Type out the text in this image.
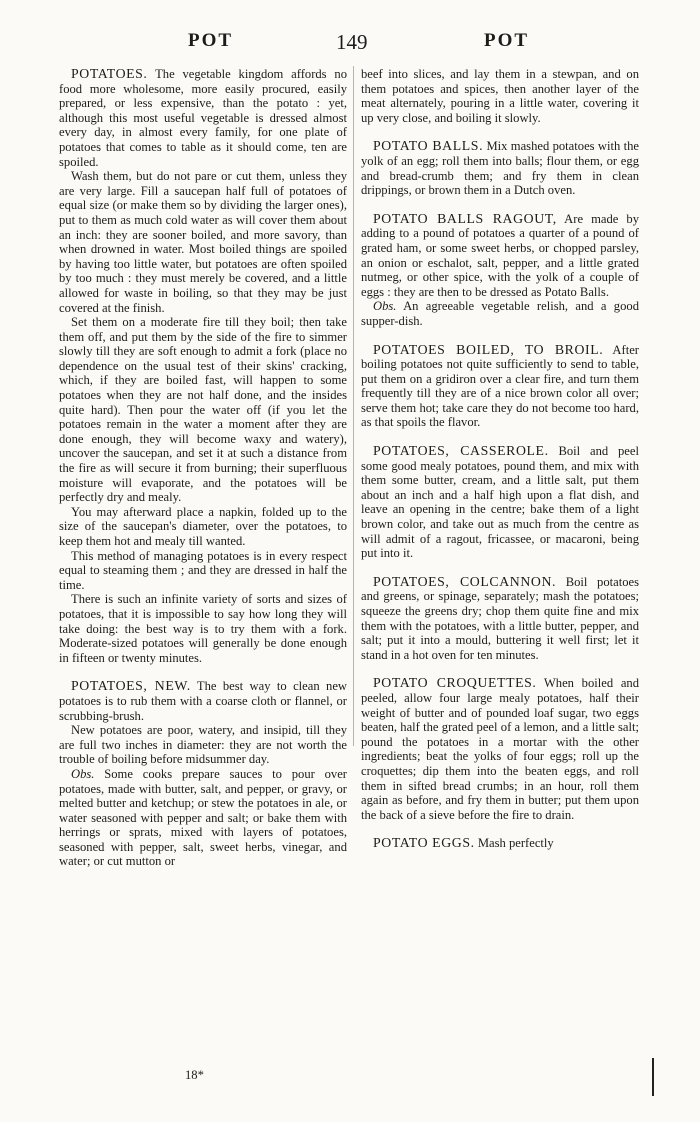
POT	149	POT

POTATOES. The vegetable kingdom affords no food more wholesome, more easily procured, easily prepared, or less expensive, than the potato : yet, although this most useful vegetable is dressed almost every day, in almost every family, for one plate of potatoes that comes to table as it should come, ten are spoiled.

Wash them, but do not pare or cut them, unless they are very large. Fill a saucepan half full of potatoes of equal size (or make them so by dividing the larger ones), put to them as much cold water as will cover them about an inch: they are sooner boiled, and more savory, than when drowned in water. Most boiled things are spoiled by having too little water, but potatoes are often spoiled by too much : they must merely be covered, and a little allowed for waste in boiling, so that they may be just covered at the finish.

Set them on a moderate fire till they boil; then take them off, and put them by the side of the fire to simmer slowly till they are soft enough to admit a fork (place no dependence on the usual test of their skins' cracking, which, if they are boiled fast, will happen to some potatoes when they are not half done, and the insides quite hard). Then pour the water off (if you let the potatoes remain in the water a moment after they are done enough, they will become waxy and watery), uncover the saucepan, and set it at such a distance from the fire as will secure it from burning; their superfluous moisture will evaporate, and the potatoes will be perfectly dry and mealy.

You may afterward place a napkin, folded up to the size of the saucepan's diameter, over the potatoes, to keep them hot and mealy till wanted.

This method of managing potatoes is in every respect equal to steaming them ; and they are dressed in half the time.

There is such an infinite variety of sorts and sizes of potatoes, that it is impossible to say how long they will take doing: the best way is to try them with a fork. Moderate-sized potatoes will generally be done enough in fifteen or twenty minutes.

POTATOES, NEW. The best way to clean new potatoes is to rub them with a coarse cloth or flannel, or scrubbing-brush.

New potatoes are poor, watery, and insipid, till they are full two inches in diameter: they are not worth the trouble of boiling before midsummer day.

Obs. Some cooks prepare sauces to pour over potatoes, made with butter, salt, and pepper, or gravy, or melted butter and ketchup; or stew the potatoes in ale, or water seasoned with pepper and salt; or bake them with herrings or sprats, mixed with layers of potatoes, seasoned with pepper, salt, sweet herbs, vinegar, and water; or cut mutton or

beef into slices, and lay them in a stewpan, and on them potatoes and spices, then another layer of the meat alternately, pouring in a little water, covering it up very close, and boiling it slowly.

POTATO BALLS. Mix mashed potatoes with the yolk of an egg; roll them into balls; flour them, or egg and bread-crumb them; and fry them in clean drippings, or brown them in a Dutch oven.

POTATO BALLS RAGOUT, Are made by adding to a pound of potatoes a quarter of a pound of grated ham, or some sweet herbs, or chopped parsley, an onion or eschalot, salt, pepper, and a little grated nutmeg, or other spice, with the yolk of a couple of eggs : they are then to be dressed as Potato Balls.

Obs. An agreeable vegetable relish, and a good supper-dish.

POTATOES BOILED, TO BROIL. After boiling potatoes not quite sufficiently to send to table, put them on a gridiron over a clear fire, and turn them frequently till they are of a nice brown color all over; serve them hot; take care they do not become too hard, as that spoils the flavor.

POTATOES, CASSEROLE. Boil and peel some good mealy potatoes, pound them, and mix with them some butter, cream, and a little salt, put them about an inch and a half high upon a flat dish, and leave an opening in the centre; bake them of a light brown color, and take out as much from the centre as will admit of a ragout, fricassee, or macaroni, being put into it.

POTATOES, COLCANNON. Boil potatoes and greens, or spinage, separately; mash the potatoes; squeeze the greens dry; chop them quite fine and mix them with the potatoes, with a little butter, pepper, and salt; put it into a mould, buttering it well first; let it stand in a hot oven for ten minutes.

POTATO CROQUETTES. When boiled and peeled, allow four large mealy potatoes, half their weight of butter and of pounded loaf sugar, two eggs beaten, half the grated peel of a lemon, and a little salt; pound the potatoes in a mortar with the other ingredients; beat the yolks of four eggs; roll up the croquettes; dip them into the beaten eggs, and roll them in sifted bread crumbs; in an hour, roll them again as before, and fry them in butter; put them upon the back of a sieve before the fire to drain.

POTATO EGGS. Mash perfectly

18*
